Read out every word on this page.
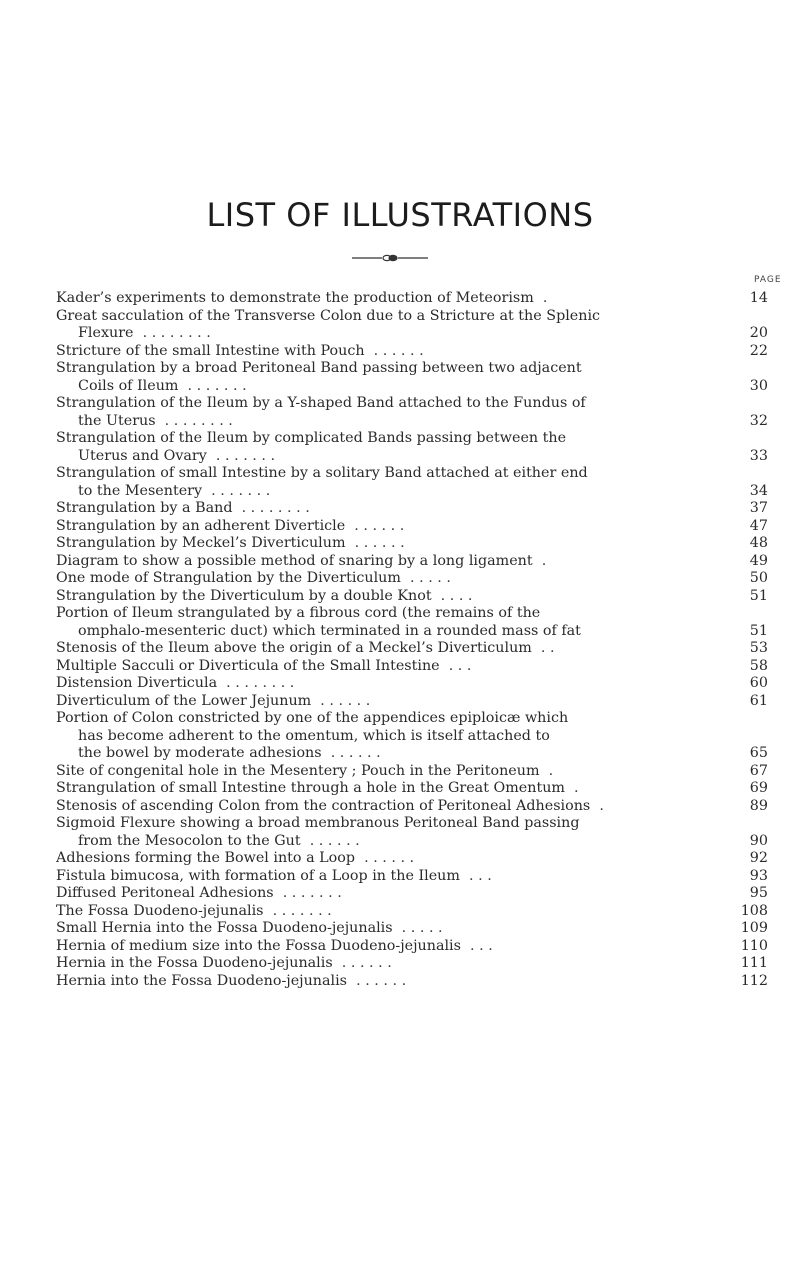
LIST OF ILLUSTRATIONS
PAGE
Kader’s experiments to demonstrate the production of Meteorism  .	14
Great sacculation of the Transverse Colon due to a Stricture at the Splenic
Flexure  . . . . . . . .	20
Stricture of the small Intestine with Pouch  . . . . . .	22
Strangulation by a broad Peritoneal Band passing between two adjacent
Coils of Ileum  . . . . . . .	30
Strangulation of the Ileum by a Y-shaped Band attached to the Fundus of
the Uterus  . . . . . . . .	32
Strangulation of the Ileum by complicated Bands passing between the
Uterus and Ovary  . . . . . . .	33
Strangulation of small Intestine by a solitary Band attached at either end
to the Mesentery  . . . . . . .	34
Strangulation by a Band  . . . . . . . .	37
Strangulation by an adherent Diverticle  . . . . . .	47
Strangulation by Meckel’s Diverticulum  . . . . . .	48
Diagram to show a possible method of snaring by a long ligament  .	49
One mode of Strangulation by the Diverticulum  . . . . .	50
Strangulation by the Diverticulum by a double Knot  . . . .	51
Portion of Ileum strangulated by a fibrous cord (the remains of the
omphalo-mesenteric duct) which terminated in a rounded mass of fat	51
Stenosis of the Ileum above the origin of a Meckel’s Diverticulum  . .	53
Multiple Sacculi or Diverticula of the Small Intestine  . . .	58
Distension Diverticula  . . . . . . . .	60
Diverticulum of the Lower Jejunum  . . . . . .	61
Portion of Colon constricted by one of the appendices epiploicæ which
has become adherent to the omentum, which is itself attached to
the bowel by moderate adhesions  . . . . . .	65
Site of congenital hole in the Mesentery ; Pouch in the Peritoneum  .	67
Strangulation of small Intestine through a hole in the Great Omentum  .	69
Stenosis of ascending Colon from the contraction of Peritoneal Adhesions  .	89
Sigmoid Flexure showing a broad membranous Peritoneal Band passing
from the Mesocolon to the Gut  . . . . . .	90
Adhesions forming the Bowel into a Loop  . . . . . .	92
Fistula bimucosa, with formation of a Loop in the Ileum  . . .	93
Diffused Peritoneal Adhesions  . . . . . . .	95
The Fossa Duodeno-jejunalis  . . . . . . .	108
Small Hernia into the Fossa Duodeno-jejunalis  . . . . .	109
Hernia of medium size into the Fossa Duodeno-jejunalis  . . .	110
Hernia in the Fossa Duodeno-jejunalis  . . . . . .	111
Hernia into the Fossa Duodeno-jejunalis  . . . . . .	112
